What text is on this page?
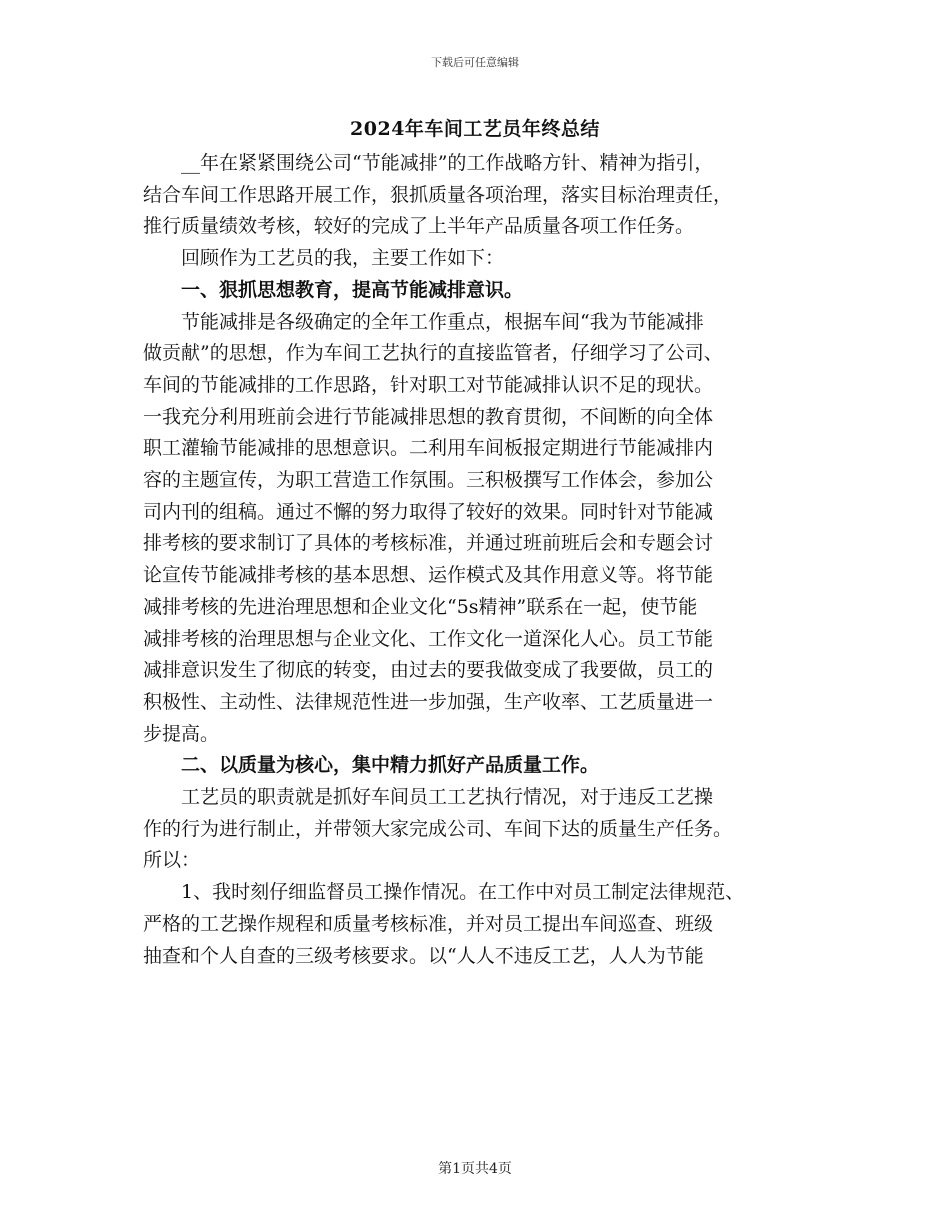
下载后可任意编辑
2024年车间工艺员年终总结

__年在紧紧围绕公司“节能减排”的工作战略方针、精神为指引，

结合车间工作思路开展工作，狠抓质量各项治理，落实目标治理责任，

推行质量绩效考核，较好的完成了上半年产品质量各项工作任务。

回顾作为工艺员的我，主要工作如下：

一、狠抓思想教育，提高节能减排意识。

节能减排是各级确定的全年工作重点，根据车间“我为节能减排

做贡献”的思想，作为车间工艺执行的直接监管者，仔细学习了公司、

车间的节能减排的工作思路，针对职工对节能减排认识不足的现状。

一我充分利用班前会进行节能减排思想的教育贯彻，不间断的向全体

职工灌输节能减排的思想意识。二利用车间板报定期进行节能减排内

容的主题宣传，为职工营造工作氛围。三积极撰写工作体会，参加公

司内刊的组稿。通过不懈的努力取得了较好的效果。同时针对节能减

排考核的要求制订了具体的考核标准，并通过班前班后会和专题会讨

论宣传节能减排考核的基本思想、运作模式及其作用意义等。将节能

减排考核的先进治理思想和企业文化“5s精神”联系在一起，使节能

减排考核的治理思想与企业文化、工作文化一道深化人心。员工节能

减排意识发生了彻底的转变，由过去的要我做变成了我要做，员工的

积极性、主动性、法律规范性进一步加强，生产收率、工艺质量进一

步提高。

二、以质量为核心，集中精力抓好产品质量工作。

工艺员的职责就是抓好车间员工工艺执行情况，对于违反工艺操

作的行为进行制止，并带领大家完成公司、车间下达的质量生产任务。

所以：

1、我时刻仔细监督员工操作情况。在工作中对员工制定法律规范、

严格的工艺操作规程和质量考核标准，并对员工提出车间巡查、班级

抽查和个人自查的三级考核要求。以“人人不违反工艺，人人为节能

第1页共4页
